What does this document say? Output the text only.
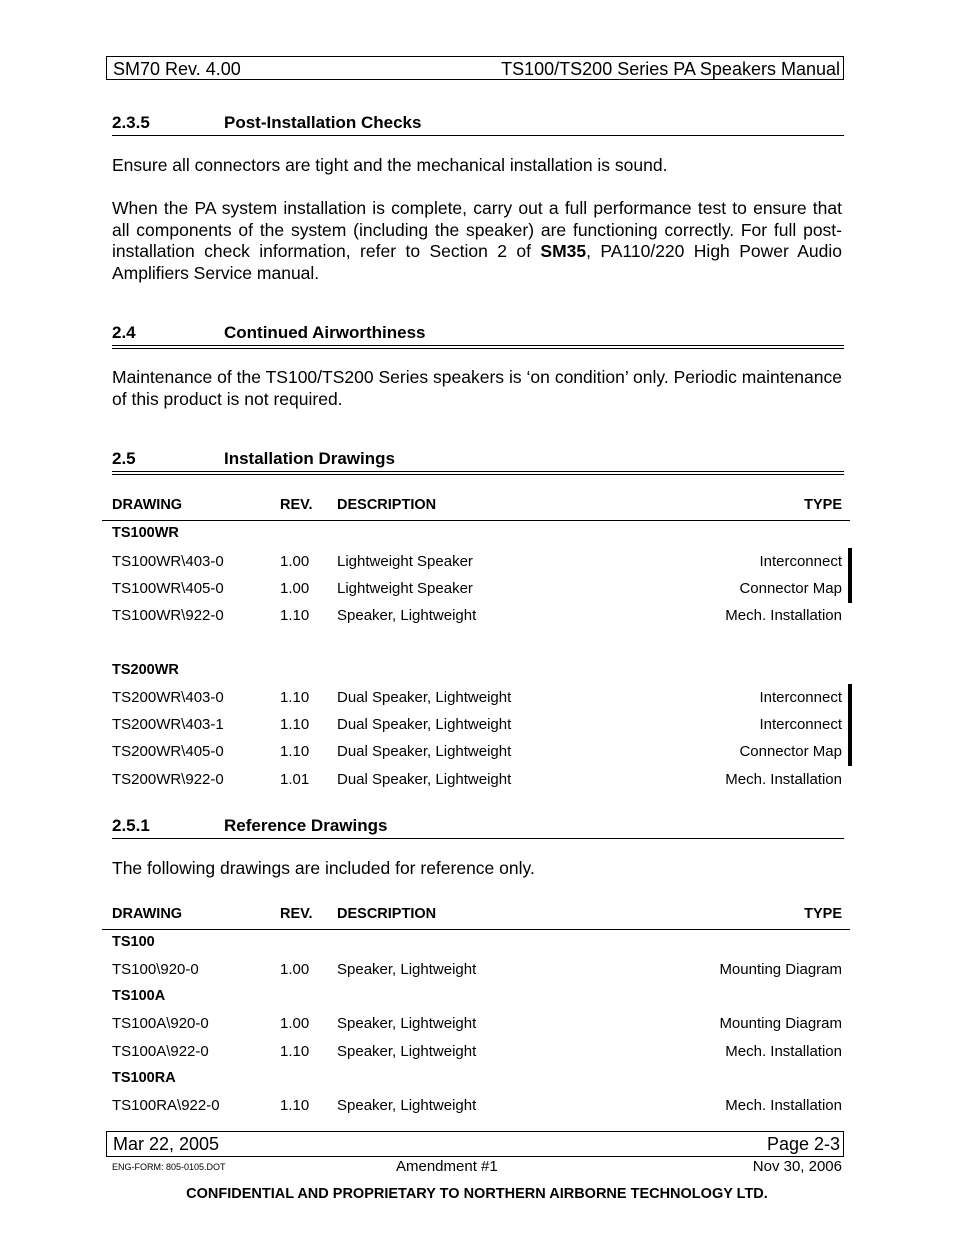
SM70 Rev. 4.00	TS100/TS200 Series PA Speakers Manual
2.3.5	Post-Installation Checks
Ensure all connectors are tight and the mechanical installation is sound.
When the PA system installation is complete, carry out a full performance test to ensure that all components of the system (including the speaker) are functioning correctly. For full post-installation check information, refer to Section 2 of SM35, PA110/220 High Power Audio Amplifiers Service manual.
2.4	Continued Airworthiness
Maintenance of the TS100/TS200 Series speakers is ‘on condition’ only. Periodic maintenance of this product is not required.
2.5	Installation Drawings
DRAWING	REV. DESCRIPTION	TYPE
TS100WR
TS100WR\403-0	1.00 Lightweight Speaker	Interconnect
TS100WR\405-0	1.00 Lightweight Speaker	Connector Map
TS100WR\922-0	1.10 Speaker, Lightweight	Mech. Installation
TS200WR
TS200WR\403-0	1.10 Dual Speaker, Lightweight	Interconnect
TS200WR\403-1	1.10 Dual Speaker, Lightweight	Interconnect
TS200WR\405-0	1.10 Dual Speaker, Lightweight	Connector Map
TS200WR\922-0	1.01 Dual Speaker, Lightweight	Mech. Installation
2.5.1	Reference Drawings
The following drawings are included for reference only.
DRAWING	REV. DESCRIPTION	TYPE
TS100
TS100\920-0	1.00 Speaker, Lightweight	Mounting Diagram
TS100A
TS100A\920-0	1.00 Speaker, Lightweight	Mounting Diagram
TS100A\922-0	1.10 Speaker, Lightweight	Mech. Installation
TS100RA
TS100RA\922-0	1.10 Speaker, Lightweight	Mech. Installation
Mar 22, 2005	Page 2-3
ENG-FORM: 805-0105.DOT	Amendment #1	Nov 30, 2006
CONFIDENTIAL AND PROPRIETARY TO NORTHERN AIRBORNE TECHNOLOGY LTD.
